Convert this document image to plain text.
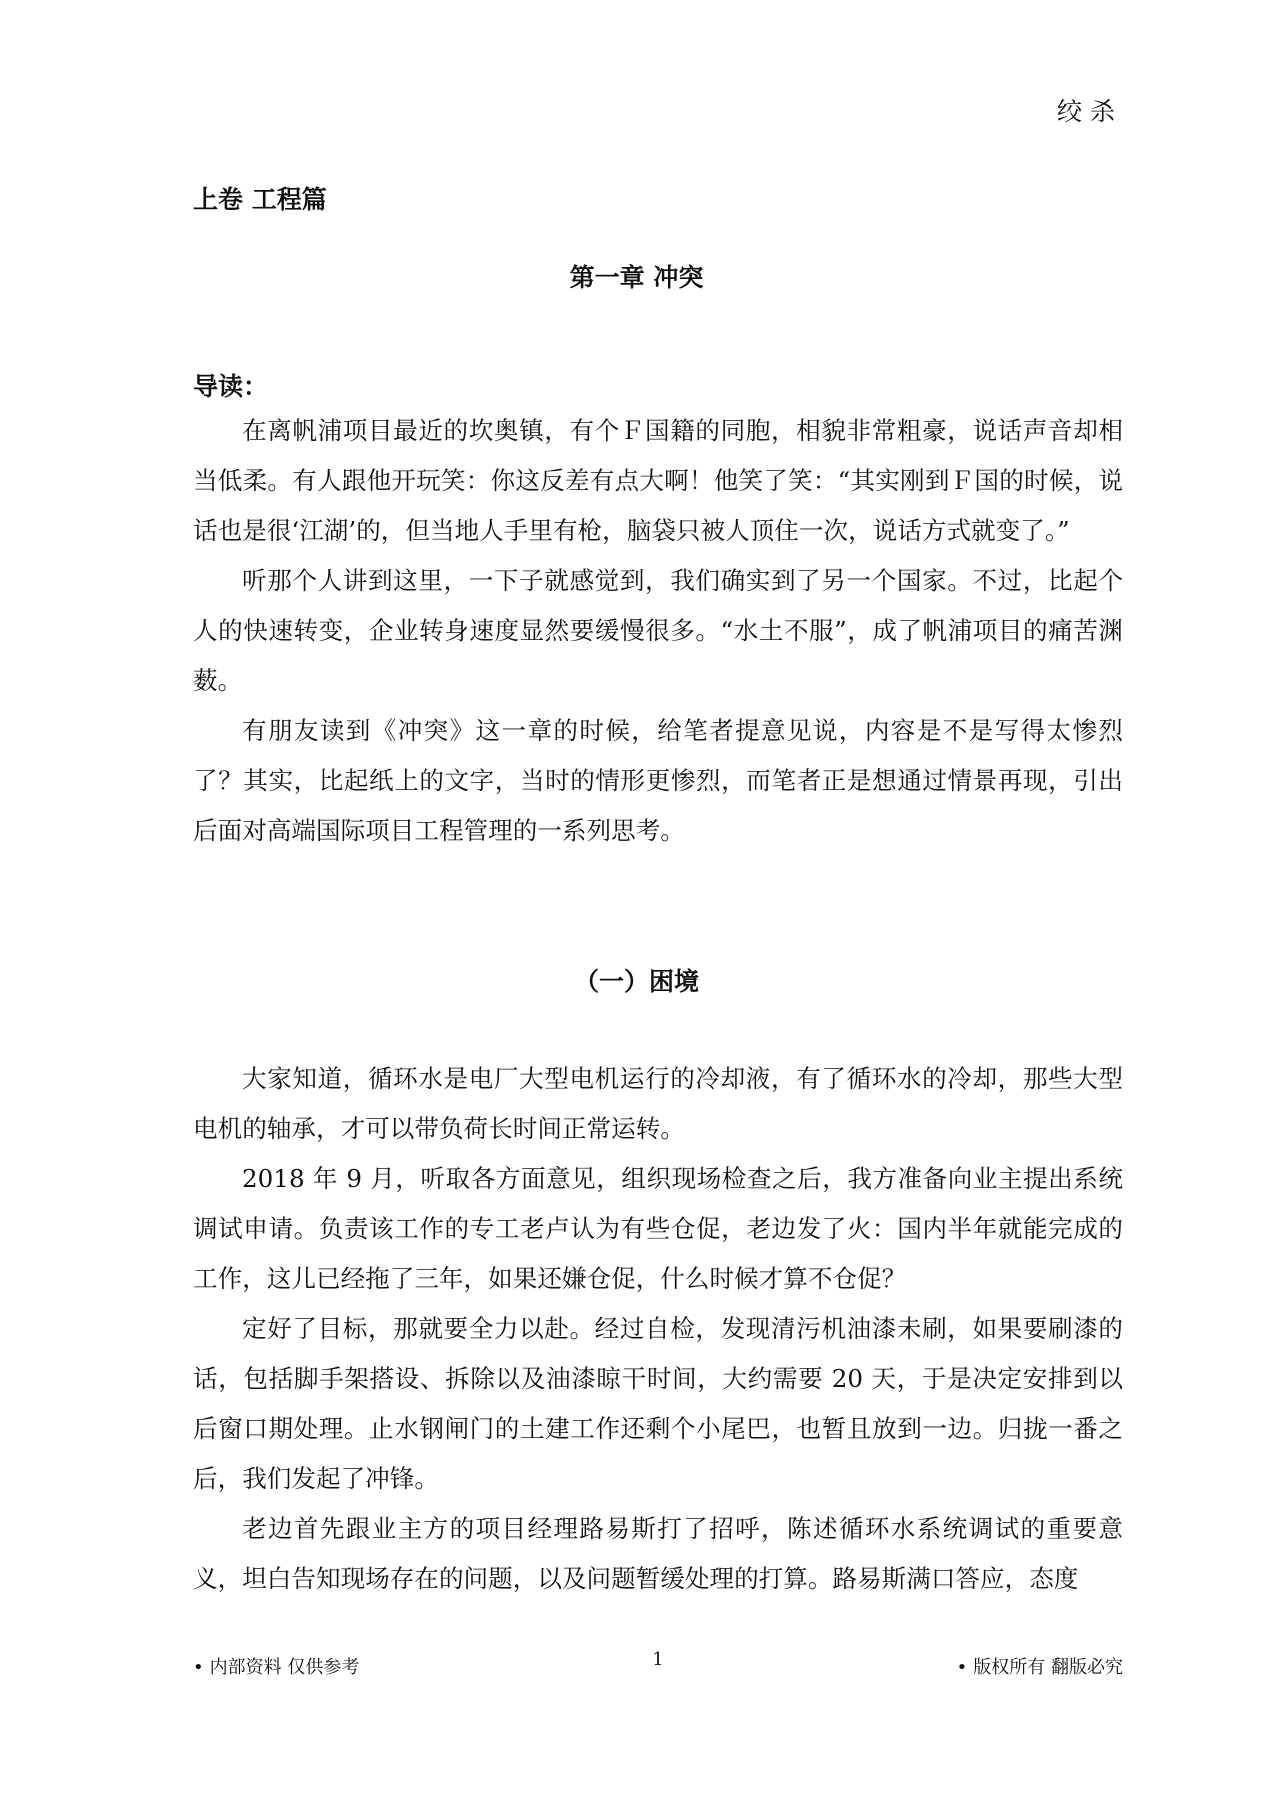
绞杀
上卷 工程篇
第一章 冲突
导读：

在离帆浦项目最近的坎奥镇，有个Ｆ国籍的同胞，相貌非常粗豪，说话声音却相当低柔。有人跟他开玩笑：你这反差有点大啊！他笑了笑：“其实刚到Ｆ国的时候，说话也是很‘江湖’的，但当地人手里有枪，脑袋只被人顶住一次，说话方式就变了。”

听那个人讲到这里，一下子就感觉到，我们确实到了另一个国家。不过，比起个人的快速转变，企业转身速度显然要缓慢很多。“水土不服”，成了帆浦项目的痛苦渊薮。

有朋友读到《冲突》这一章的时候，给笔者提意见说，内容是不是写得太惨烈了？其实，比起纸上的文字，当时的情形更惨烈，而笔者正是想通过情景再现，引出后面对高端国际项目工程管理的一系列思考。

（一）困境

大家知道，循环水是电厂大型电机运行的冷却液，有了循环水的冷却，那些大型电机的轴承，才可以带负荷长时间正常运转。

2018 年 9 月，听取各方面意见，组织现场检查之后，我方准备向业主提出系统调试申请。负责该工作的专工老卢认为有些仓促，老边发了火：国内半年就能完成的工作，这儿已经拖了三年，如果还嫌仓促，什么时候才算不仓促？

定好了目标，那就要全力以赴。经过自检，发现清污机油漆未刷，如果要刷漆的话，包括脚手架搭设、拆除以及油漆晾干时间，大约需要 20 天，于是决定安排到以后窗口期处理。止水钢闸门的土建工作还剩个小尾巴，也暂且放到一边。归拢一番之后，我们发起了冲锋。

老边首先跟业主方的项目经理路易斯打了招呼，陈述循环水系统调试的重要意义，坦白告知现场存在的问题，以及问题暂缓处理的打算。路易斯满口答应，态度

• 内部资料 仅供参考	1	• 版权所有 翻版必究
